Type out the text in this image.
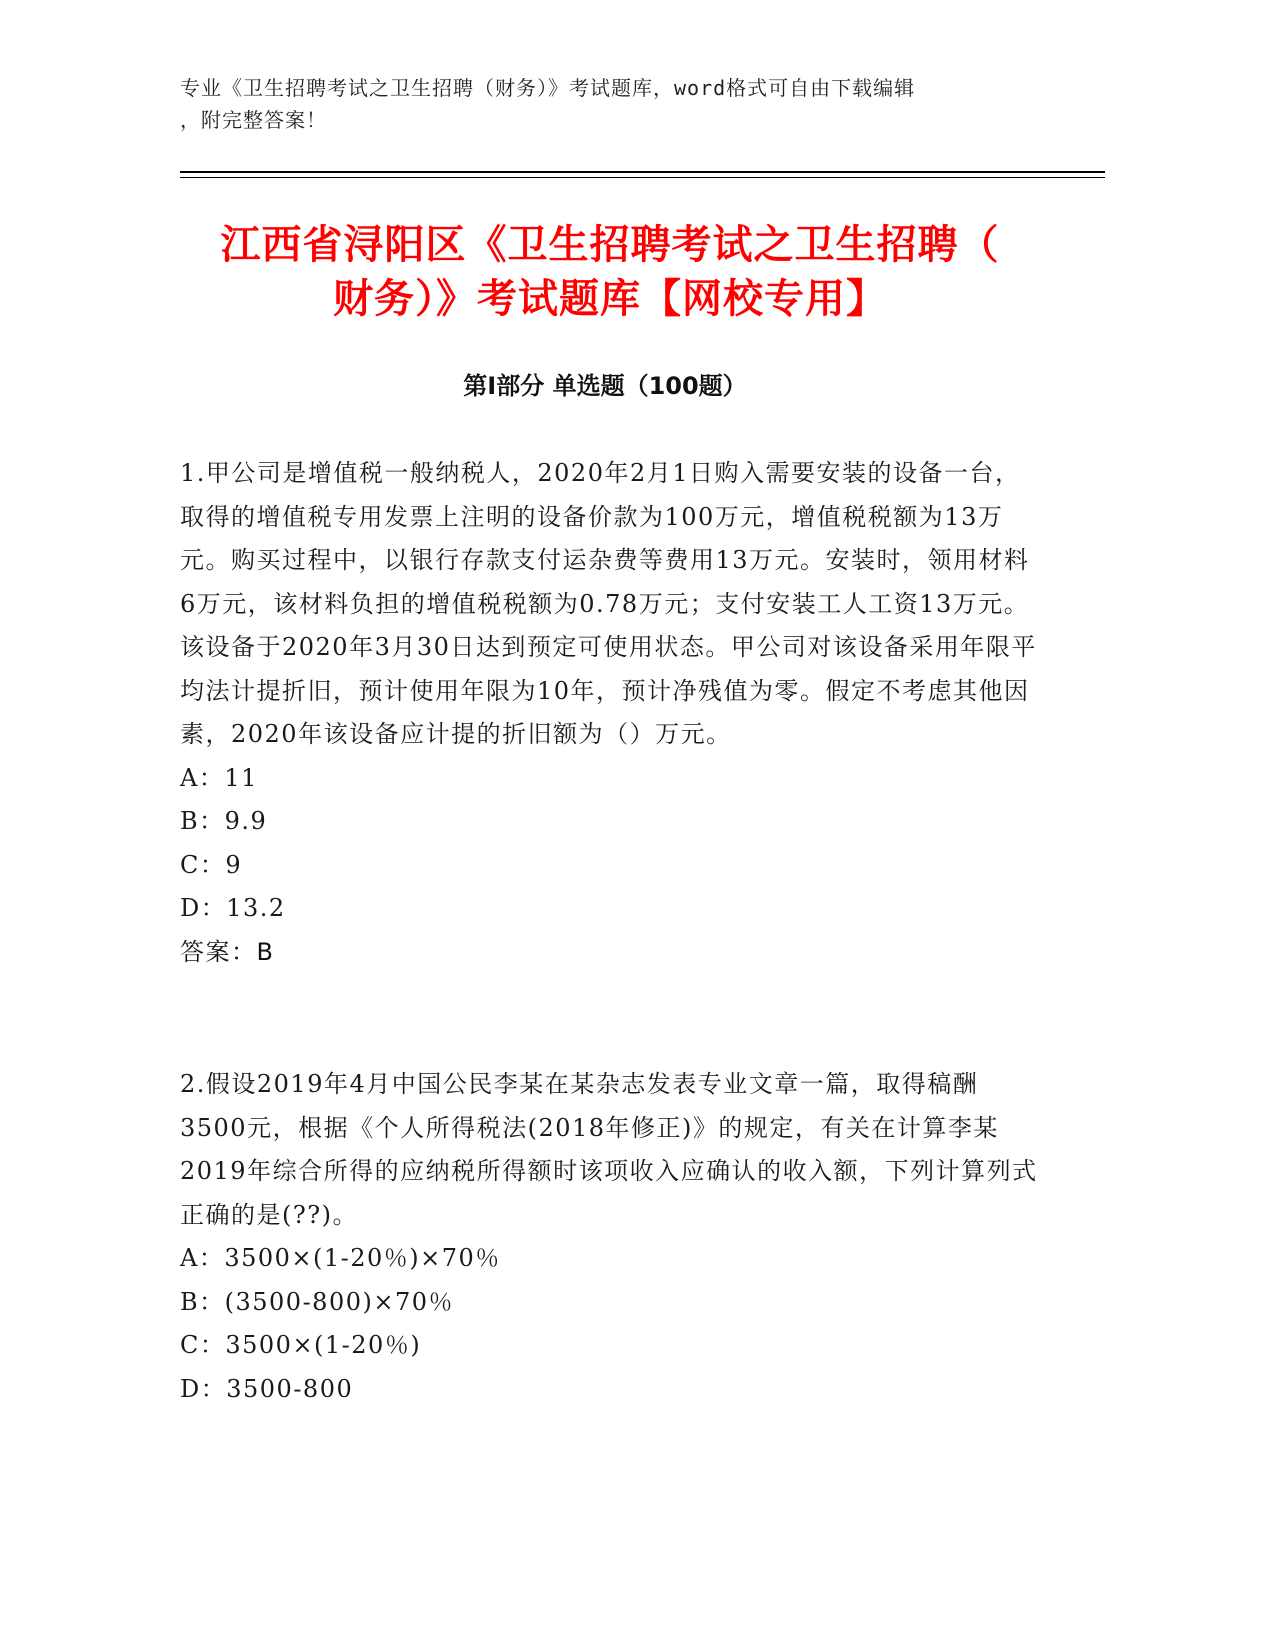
专业《卫生招聘考试之卫生招聘（财务）》考试题库，word格式可自由下载编辑
，附完整答案！
江西省浔阳区《卫生招聘考试之卫生招聘（
财务）》考试题库【网校专用】
第Ⅰ部分 单选题（100题）

1.甲公司是增值税一般纳税人，2020年2月1日购入需要安装的设备一台，取得的增值税专用发票上注明的设备价款为100万元，增值税税额为13万元。购买过程中，以银行存款支付运杂费等费用13万元。安装时，领用材料6万元，该材料负担的增值税税额为0.78万元；支付安装工人工资13万元。该设备于2020年3月30日达到预定可使用状态。甲公司对该设备采用年限平均法计提折旧，预计使用年限为10年，预计净残值为零。假定不考虑其他因素，2020年该设备应计提的折旧额为（）万元。

A：11

B：9.9

C：9

D：13.2

答案：B

2.假设2019年4月中国公民李某在某杂志发表专业文章一篇，取得稿酬3500元，根据《个人所得税法(2018年修正)》的规定，有关在计算李某2019年综合所得的应纳税所得额时该项收入应确认的收入额，下列计算列式正确的是(??)。

A：3500×(1-20％)×70％

B：(3500-800)×70％

C：3500×(1-20％)

D：3500-800
